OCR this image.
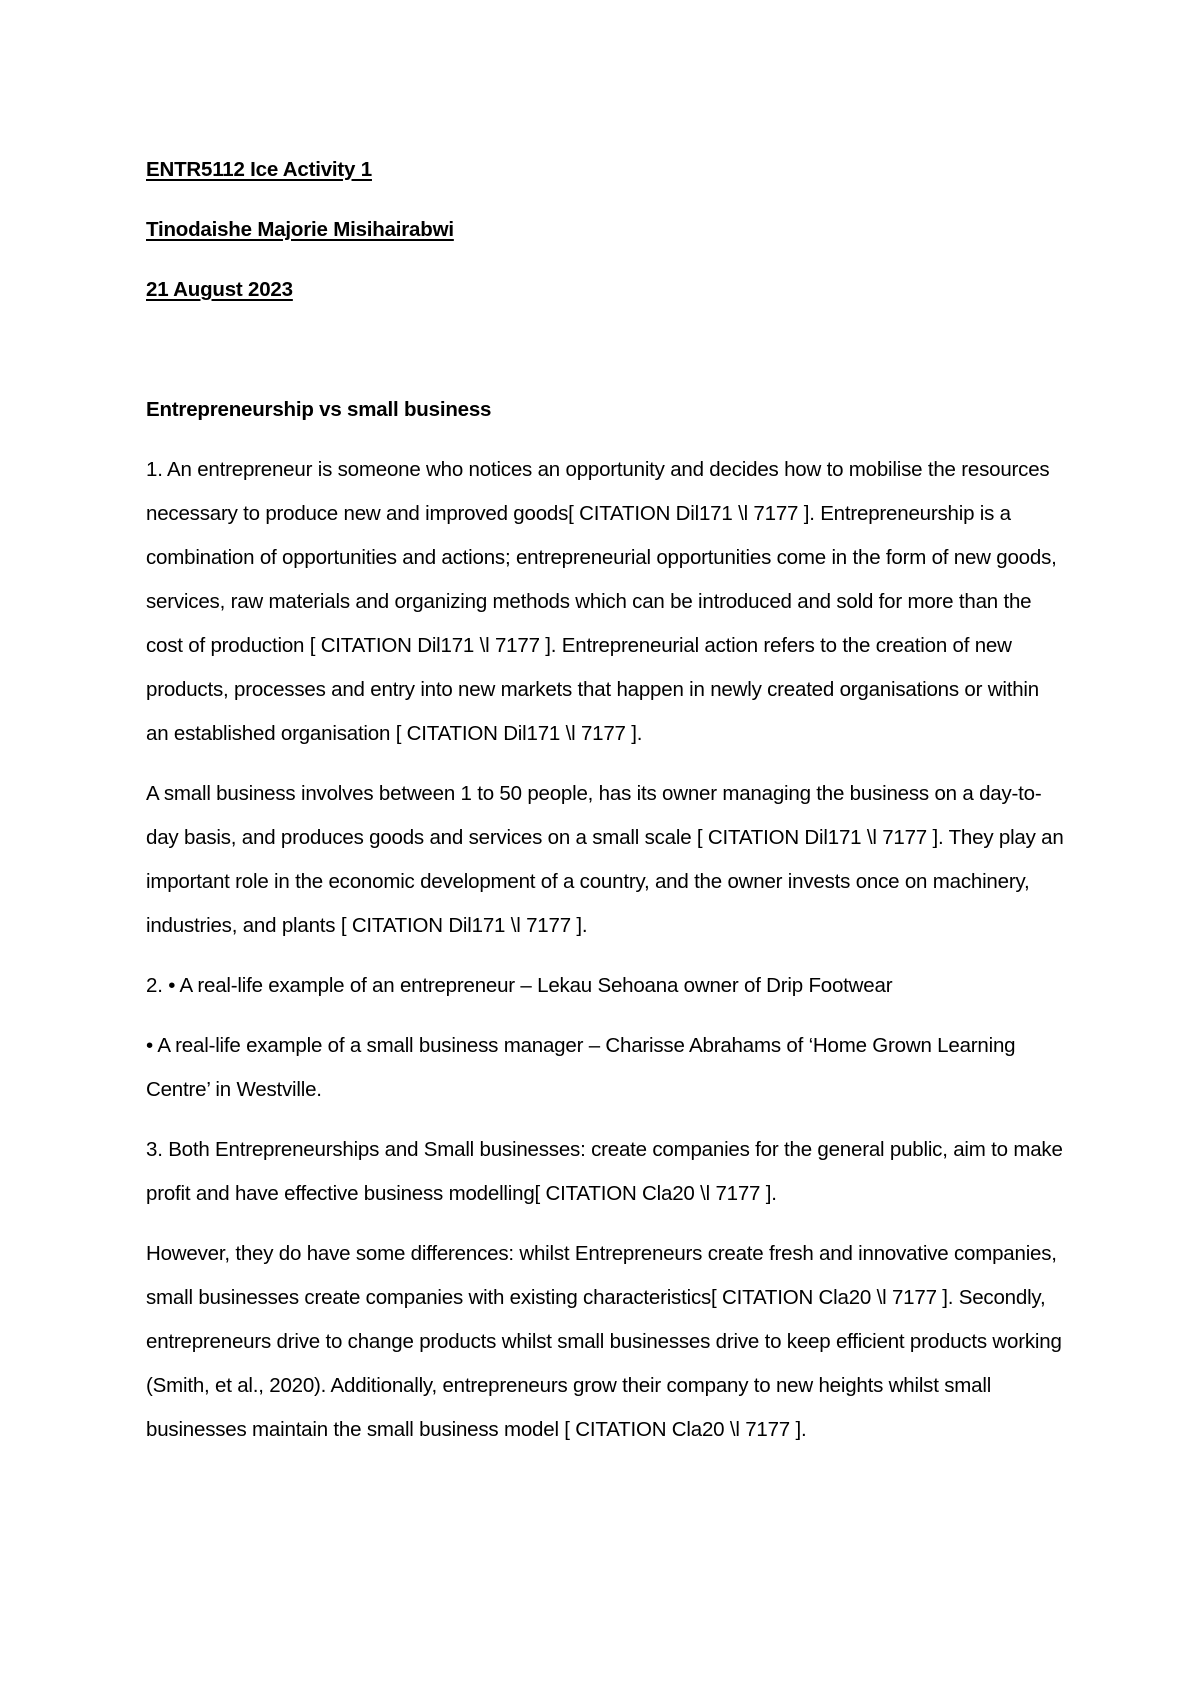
ENTR5112 Ice Activity 1
Tinodaishe Majorie Misihairabwi
21 August 2023
Entrepreneurship vs small business

1. An entrepreneur is someone who notices an opportunity and decides how to mobilise the resources necessary to produce new and improved goods[ CITATION Dil171 \l 7177 ]. Entrepreneurship is a combination of opportunities and actions; entrepreneurial opportunities come in the form of new goods, services, raw materials and organizing methods which can be introduced and sold for more than the cost of production [ CITATION Dil171 \l 7177 ]. Entrepreneurial action refers to the creation of new products, processes and entry into new markets that happen in newly created organisations or within an established organisation [ CITATION Dil171 \l 7177 ].

A small business involves between 1 to 50 people, has its owner managing the business on a day-to-day basis, and produces goods and services on a small scale [ CITATION Dil171 \l 7177 ]. They play an important role in the economic development of a country, and the owner invests once on machinery, industries, and plants [ CITATION Dil171 \l 7177 ].

2. • A real-life example of an entrepreneur – Lekau Sehoana owner of Drip Footwear

• A real-life example of a small business manager – Charisse Abrahams of ‘Home Grown Learning Centre’ in Westville.

3. Both Entrepreneurships and Small businesses: create companies for the general public, aim to make profit and have effective business modelling[ CITATION Cla20 \l 7177 ].

However, they do have some differences: whilst Entrepreneurs create fresh and innovative companies, small businesses create companies with existing characteristics[ CITATION Cla20 \l 7177 ]. Secondly, entrepreneurs drive to change products whilst small businesses drive to keep efficient products working (Smith, et al., 2020). Additionally, entrepreneurs grow their company to new heights whilst small businesses maintain the small business model [ CITATION Cla20 \l 7177 ].
